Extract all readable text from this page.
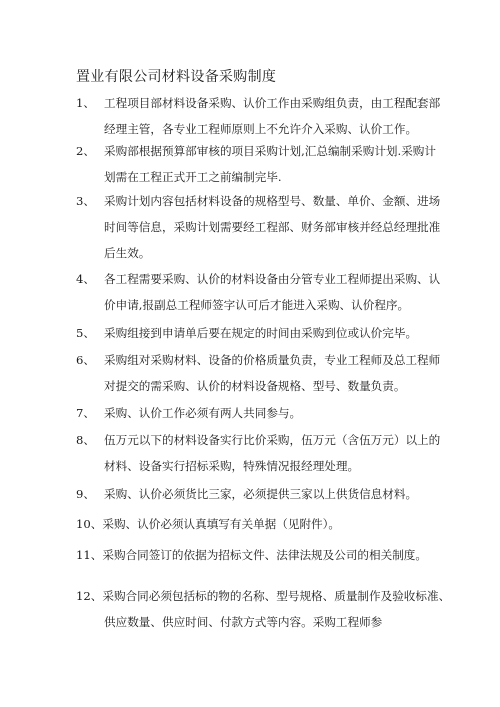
置业有限公司材料设备采购制度
1、 工程项目部材料设备采购、认价工作由采购组负责，由工程配套部
经理主管，各专业工程师原则上不允许介入采购、认价工作。
2、 采购部根据预算部审核的项目采购计划,汇总编制采购计划.采购计
划需在工程正式开工之前编制完毕.
3、 采购计划内容包括材料设备的规格型号、数量、单价、金额、进场
时间等信息，采购计划需要经工程部、财务部审核并经总经理批准
后生效。
4、 各工程需要采购、认价的材料设备由分管专业工程师提出采购、认
价申请,报副总工程师签字认可后才能进入采购、认价程序。
5、 采购组接到申请单后要在规定的时间由采购到位或认价完毕。
6、 采购组对采购材料、设备的价格质量负责，专业工程师及总工程师
对提交的需采购、认价的材料设备规格、型号、数量负责。
7、 采购、认价工作必须有两人共同参与。
8、 伍万元以下的材料设备实行比价采购，伍万元（含伍万元）以上的
材料、设备实行招标采购，特殊情况报经理处理。
9、 采购、认价必须货比三家，必须提供三家以上供货信息材料。
10、采购、认价必须认真填写有关单据（见附件）。
11、采购合同签订的依据为招标文件、法律法规及公司的相关制度。
12、采购合同必须包括标的物的名称、型号规格、质量制作及验收标准、
供应数量、供应时间、付款方式等内容。采购工程师参
